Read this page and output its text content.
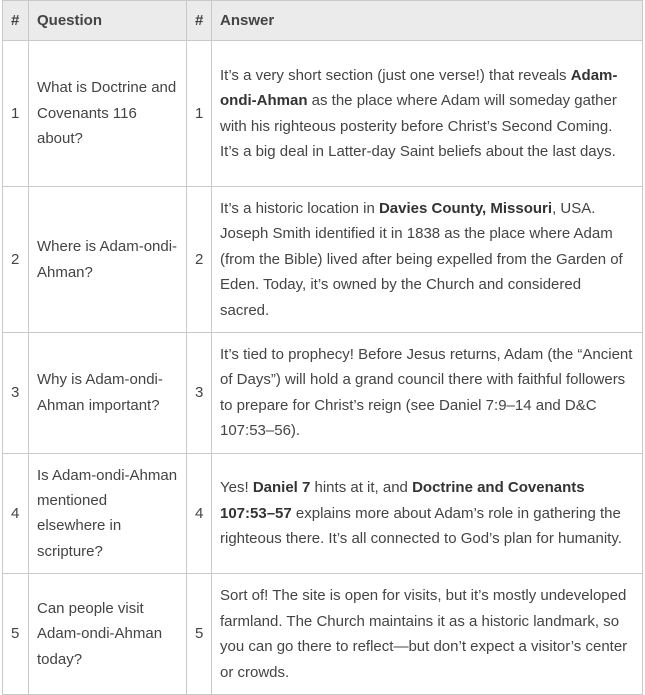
#	Question	#	Answer
1	What is Doctrine and Covenants 116 about?	1	It’s a very short section (just one verse!) that reveals Adam-ondi-Ahman as the place where Adam will someday gather with his righteous posterity before Christ’s Second Coming. It’s a big deal in Latter-day Saint beliefs about the last days.
2	Where is Adam-ondi-Ahman?	2	It’s a historic location in Davies County, Missouri, USA. Joseph Smith identified it in 1838 as the place where Adam (from the Bible) lived after being expelled from the Garden of Eden. Today, it’s owned by the Church and considered sacred.
3	Why is Adam-ondi-Ahman important?	3	It’s tied to prophecy! Before Jesus returns, Adam (the “Ancient of Days”) will hold a grand council there with faithful followers to prepare for Christ’s reign (see Daniel 7:9–14 and D&C 107:53–56).
4	Is Adam-ondi-Ahman mentioned elsewhere in scripture?	4	Yes! Daniel 7 hints at it, and Doctrine and Covenants 107:53–57 explains more about Adam’s role in gathering the righteous there. It’s all connected to God’s plan for humanity.
5	Can people visit Adam-ondi-Ahman today?	5	Sort of! The site is open for visits, but it’s mostly undeveloped farmland. The Church maintains it as a historic landmark, so you can go there to reflect—but don’t expect a visitor’s center or crowds.
